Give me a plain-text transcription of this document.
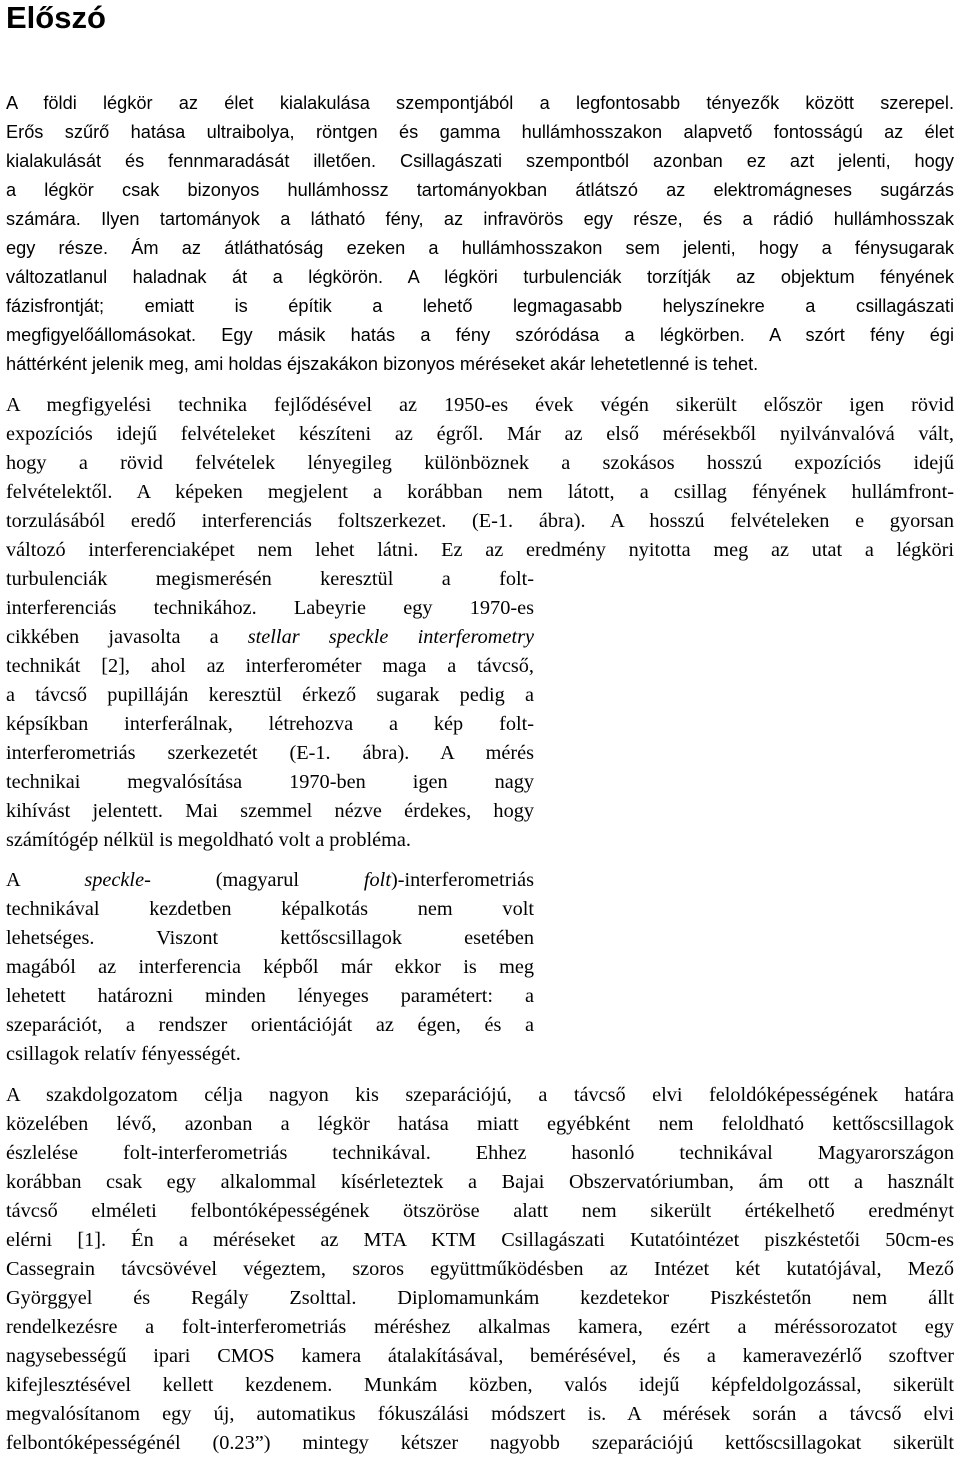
Előszó
A földi légkör az élet kialakulása szempontjából a legfontosabb tényezők között szerepel.
Erős szűrő hatása ultraibolya, röntgen és gamma hullámhosszakon alapvető fontosságú az élet
kialakulását és fennmaradását illetően. Csillagászati szempontból azonban ez azt jelenti, hogy
a légkör csak bizonyos hullámhossz tartományokban átlátszó az elektromágneses sugárzás
számára. Ilyen tartományok a látható fény, az infravörös egy része, és a rádió hullámhosszak
egy része. Ám az átláthatóság ezeken a hullámhosszakon sem jelenti, hogy a fénysugarak
változatlanul haladnak át a légkörön. A légköri turbulenciák torzítják az objektum fényének
fázisfrontját; emiatt is építik a lehető legmagasabb helyszínekre a csillagászati
megfigyelőállomásokat. Egy másik hatás a fény szóródása a légkörben. A szórt fény égi
háttérként jelenik meg, ami holdas éjszakákon bizonyos méréseket akár lehetetlenné is tehet.
A megfigyelési technika fejlődésével az 1950-es évek végén sikerült először igen rövid
expozíciós idejű felvételeket készíteni az égről. Már az első mérésekből nyilvánvalóvá vált,
hogy a rövid felvételek lényegileg különböznek a szokásos hosszú expozíciós idejű
felvételektől. A képeken megjelent a korábban nem látott, a csillag fényének hullámfront-
torzulásából eredő interferenciás foltszerkezet. (E-1. ábra). A hosszú felvételeken e gyorsan
változó interferenciaképet nem lehet látni. Ez az eredmény nyitotta meg az utat a légköri
turbulenciák megismerésén keresztül a folt-
interferenciás technikához. Labeyrie egy 1970-es
cikkében javasolta a stellar speckle interferometry
technikát [2], ahol az interferométer maga a távcső,
a távcső pupilláján keresztül érkező sugarak pedig a
képsíkban interferálnak, létrehozva a kép folt-
interferometriás szerkezetét (E-1. ábra). A mérés
technikai megvalósítása 1970-ben igen nagy
kihívást jelentett. Mai szemmel nézve érdekes, hogy
számítógép nélkül is megoldható volt a probléma.
A speckle- (magyarul folt)-interferometriás
technikával kezdetben képalkotás nem volt
lehetséges. Viszont kettőscsillagok esetében
magából az interferencia képből már ekkor is meg
lehetett határozni minden lényeges paramétert: a
szeparációt, a rendszer orientációját az égen, és a
csillagok relatív fényességét.
A szakdolgozatom célja nagyon kis szeparációjú, a távcső elvi feloldóképességének határa
közelében lévő, azonban a légkör hatása miatt egyébként nem feloldható kettőscsillagok
észlelése folt-interferometriás technikával. Ehhez hasonló technikával Magyarországon
korábban csak egy alkalommal kísérleteztek a Bajai Obszervatóriumban, ám ott a használt
távcső elméleti felbontóképességének ötszöröse alatt nem sikerült értékelhető eredményt
elérni [1]. Én a méréseket az MTA KTM Csillagászati Kutatóintézet piszkéstetői 50cm-es
Cassegrain távcsövével végeztem, szoros együttműködésben az Intézet két kutatójával, Mező
Györggyel és Regály Zsolttal. Diplomamunkám kezdetekor Piszkéstetőn nem állt
rendelkezésre a folt-interferometriás méréshez alkalmas kamera, ezért a méréssorozatot egy
nagysebességű ipari CMOS kamera átalakításával, bemérésével, és a kameravezérlő szoftver
kifejlesztésével kellett kezdenem. Munkám közben, valós idejű képfeldolgozással, sikerült
megvalósítanom egy új, automatikus fókuszálási módszert is. A mérések során a távcső elvi
felbontóképességénél (0.23”) mintegy kétszer nagyobb szeparációjú kettőscsillagokat sikerült
